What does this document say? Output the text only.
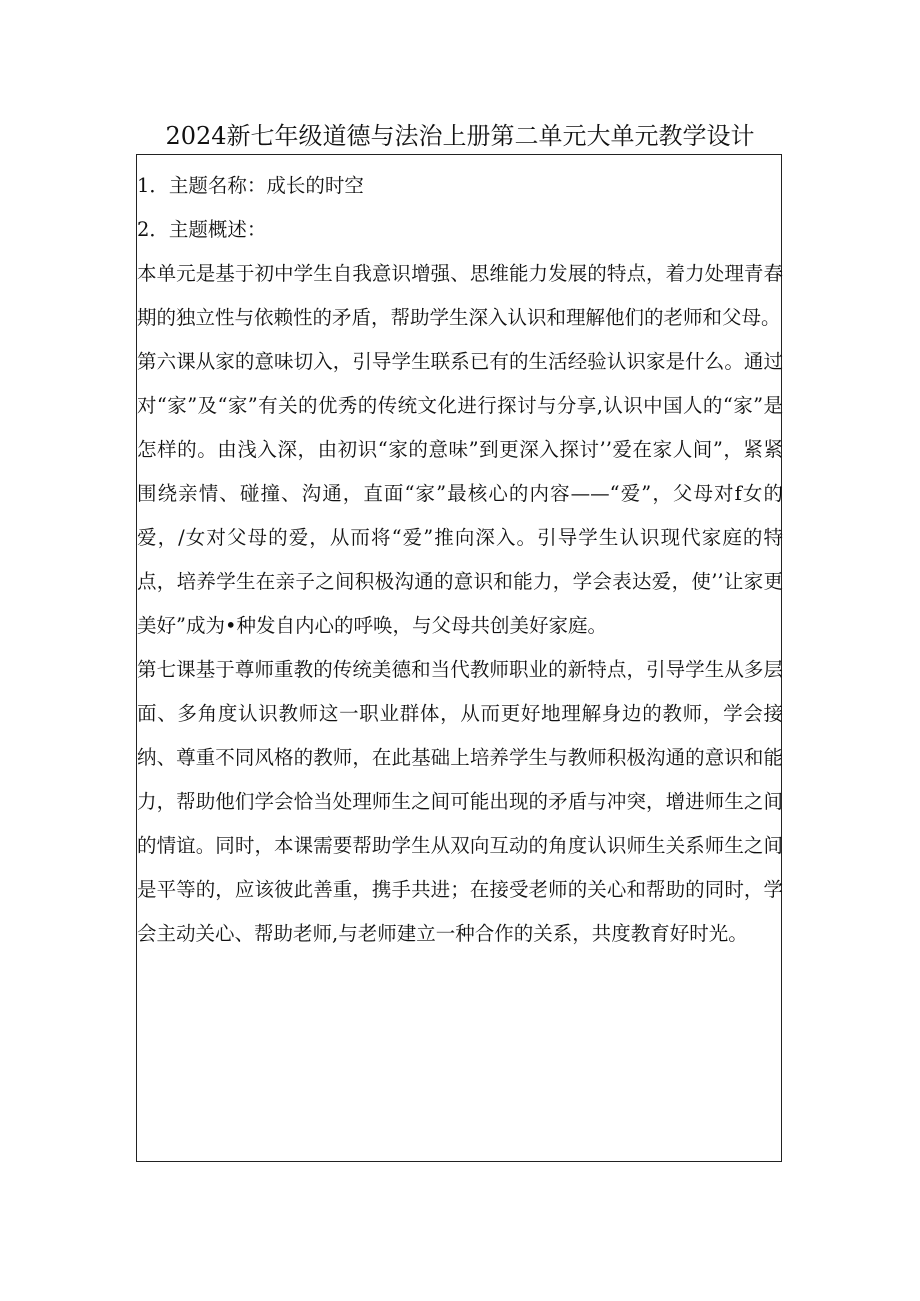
2024新七年级道德与法治上册第二单元大单元教学设计

1．主题名称：成长的时空

2．主题概述：

本单元是基于初中学生自我意识增强、思维能力发展的特点，着力处理青春期的独立性与依赖性的矛盾，帮助学生深入认识和理解他们的老师和父母。

第六课从家的意味切入，引导学生联系已有的生活经验认识家是什么。通过对“家”及“家”有关的优秀的传统文化进行探讨与分享,认识中国人的“家”是怎样的。由浅入深，由初识“家的意味”到更深入探讨’’爱在家人间”，紧紧围绕亲情、碰撞、沟通，直面“家”最核心的内容——“爱”，父母对f女的爱，/女对父母的爱，从而将“爱”推向深入。引导学生认识现代家庭的特点，培养学生在亲子之间积极沟通的意识和能力，学会表达爱，使’’让家更美好”成为•种发自内心的呼唤，与父母共创美好家庭。

第七课基于尊师重教的传统美德和当代教师职业的新特点，引导学生从多层面、多角度认识教师这一职业群体，从而更好地理解身边的教师，学会接纳、尊重不同风格的教师，在此基础上培养学生与教师积极沟通的意识和能力，帮助他们学会恰当处理师生之间可能出现的矛盾与冲突，增进师生之间的情谊。同时，本课需要帮助学生从双向互动的角度认识师生关系师生之间是平等的，应该彼此善重，携手共进；在接受老师的关心和帮助的同时，学会主动关心、帮助老师,与老师建立一种合作的关系，共度教育好时光。
